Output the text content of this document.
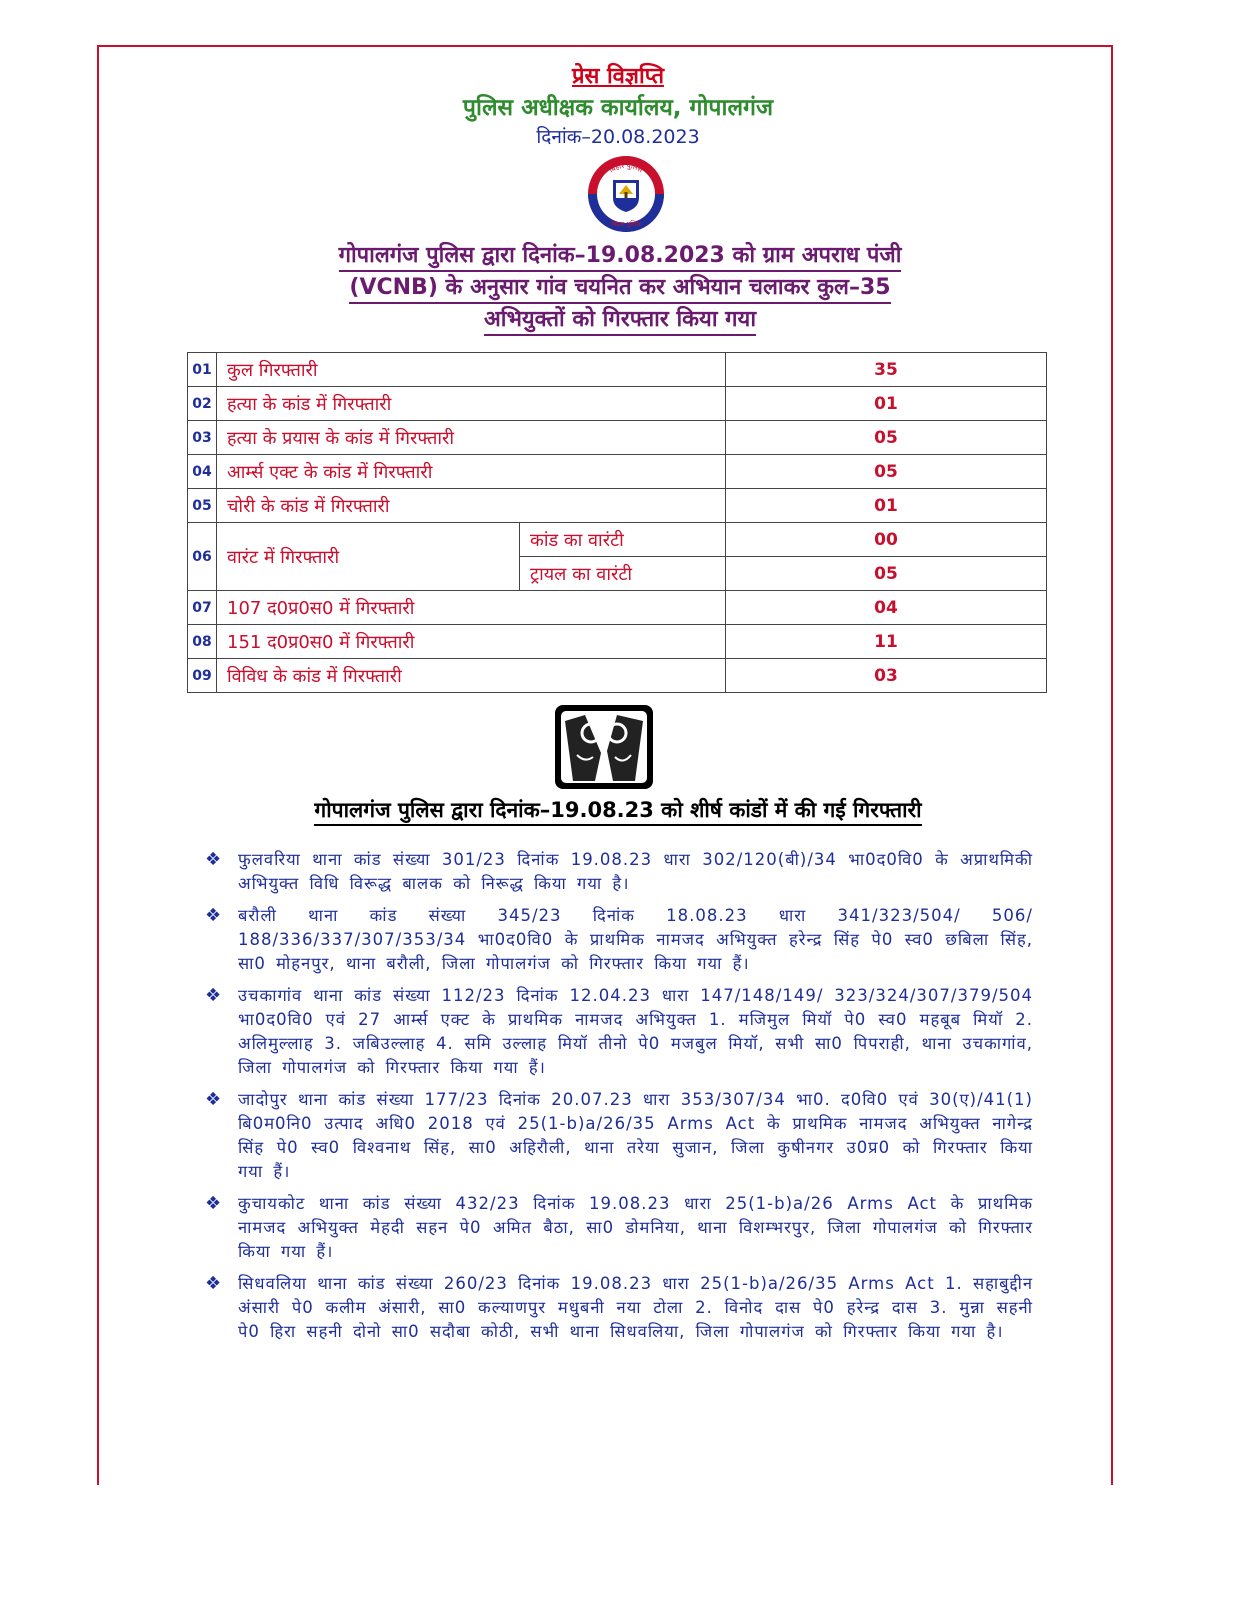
प्रेस विज्ञप्ति
पुलिस अधीक्षक कार्यालय, गोपालगंज
दिनांक–20.08.2023
बिहार पुलिस
बिहार पुलिस
गोपालगंज पुलिस द्वारा दिनांक–19.08.2023 को ग्राम अपराध पंजी
(VCNB) के अनुसार गांव चयनित कर अभियान चलाकर कुल–35
अभियुक्तों को गिरफ्तार किया गया
01	कुल गिरफ्तारी		35
02	हत्या के कांड में गिरफ्तारी		01
03	हत्या के प्रयास के कांड में गिरफ्तारी		05
04	आर्म्स एक्ट के कांड में गिरफ्तारी		05
05	चोरी के कांड में गिरफ्तारी		01
06	वारंट में गिरफ्तारी	कांड का वारंटी	00
		ट्रायल का वारंटी	05
07	107 द0प्र0स0 में गिरफ्तारी		04
08	151 द0प्र0स0 में गिरफ्तारी		11
09	विविध के कांड में गिरफ्तारी		03
गोपालगंज पुलिस द्वारा दिनांक–19.08.23 को शीर्ष कांडों में की गई गिरफ्तारी
❖ फुलवरिया थाना कांड संख्या 301/23 दिनांक 19.08.23 धारा 302/120(बी)/34 भा0द0वि0 के अप्राथमिकी अभियुक्त विधि विरूद्ध बालक को निरूद्ध किया गया है।
❖ बरौली थाना कांड संख्या 345/23 दिनांक 18.08.23 धारा 341/323/504/ 506/ 188/336/337/307/353/34 भा0द0वि0 के प्राथमिक नामजद अभियुक्त हरेन्द्र सिंह पे0 स्व0 छबिला सिंह, सा0 मोहनपुर, थाना बरौली, जिला गोपालगंज को गिरफ्तार किया गया हैं।
❖ उचकागांव थाना कांड संख्या 112/23 दिनांक 12.04.23 धारा 147/148/149/ 323/324/307/379/504 भा0द0वि0 एवं 27 आर्म्स एक्ट के प्राथमिक नामजद अभियुक्त 1. मजिमुल मियॉ पे0 स्व0 महबूब मियॉ 2. अलिमुल्लाह 3. जबिउल्लाह 4. समि उल्लाह मियॉ तीनो पे0 मजबुल मियॉ, सभी सा0 पिपराही, थाना उचकागांव, जिला गोपालगंज को गिरफ्तार किया गया हैं।
❖ जादोपुर थाना कांड संख्या 177/23 दिनांक 20.07.23 धारा 353/307/34 भा0. द0वि0 एवं 30(ए)/41(1) बि0म0नि0 उत्पाद अधि0 2018 एवं 25(1-b)a/26/35 Arms Act के प्राथमिक नामजद अभियुक्त नागेन्द्र सिंह पे0 स्व0 विश्वनाथ सिंह, सा0 अहिरौली, थाना तरेया सुजान, जिला कुषीनगर उ0प्र0 को गिरफ्तार किया गया हैं।
❖ कुचायकोट थाना कांड संख्या 432/23 दिनांक 19.08.23 धारा 25(1-b)a/26 Arms Act के प्राथमिक नामजद अभियुक्त मेहदी सहन पे0 अमित बैठा, सा0 डोमनिया, थाना विशम्भरपुर, जिला गोपालगंज को गिरफ्तार किया गया हैं।
❖ सिधवलिया थाना कांड संख्या 260/23 दिनांक 19.08.23 धारा 25(1-b)a/26/35 Arms Act 1. सहाबुद्दीन अंसारी पे0 कलीम अंसारी, सा0 कल्याणपुर मधुबनी नया टोला 2. विनोद दास पे0 हरेन्द्र दास 3. मुन्ना सहनी पे0 हिरा सहनी दोनो सा0 सदौबा कोठी, सभी थाना सिधवलिया, जिला गोपालगंज को गिरफ्तार किया गया है।
